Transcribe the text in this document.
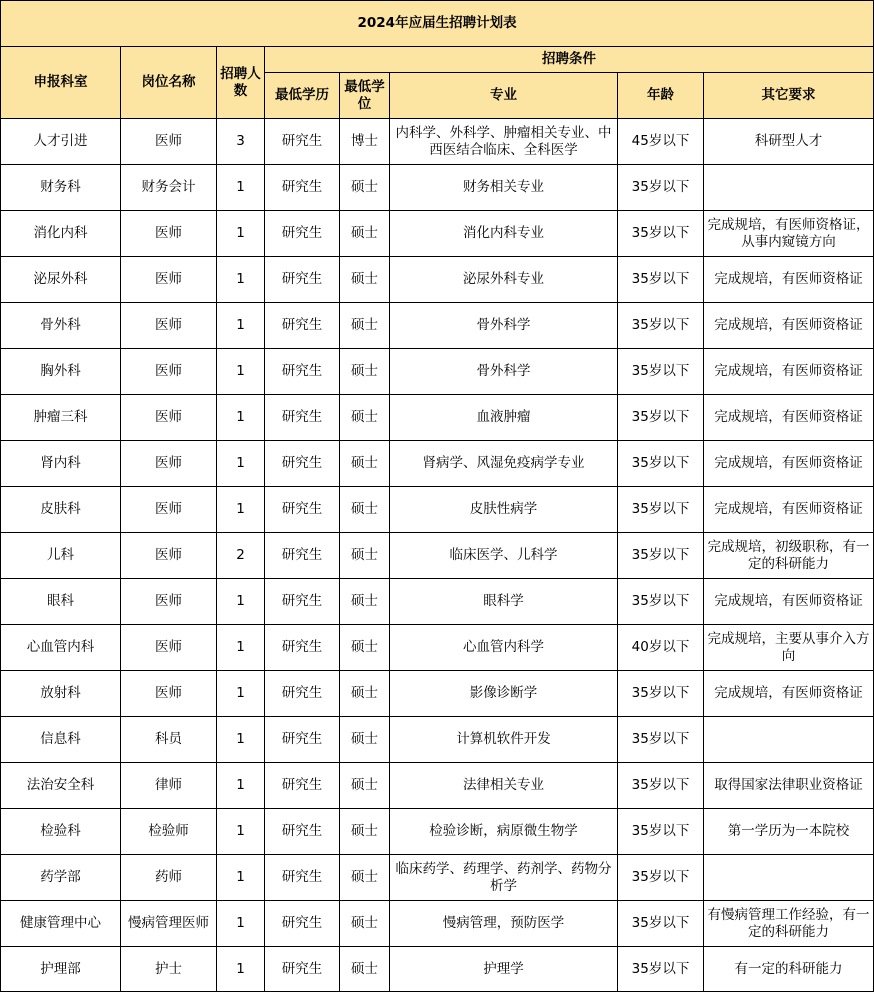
2024年应届生招聘计划表							
申报科室	岗位名称	招聘人数	招聘条件				
			最低学历	最低学位	专业	年龄	其它要求
人才引进	医师	3	研究生	博士	内科学、外科学、肿瘤相关专业、中西医结合临床、全科医学	45岁以下	科研型人才
财务科	财务会计	1	研究生	硕士	财务相关专业	35岁以下	
消化内科	医师	1	研究生	硕士	消化内科专业	35岁以下	完成规培，有医师资格证，从事内窥镜方向
泌尿外科	医师	1	研究生	硕士	泌尿外科专业	35岁以下	完成规培，有医师资格证
骨外科	医师	1	研究生	硕士	骨外科学	35岁以下	完成规培，有医师资格证
胸外科	医师	1	研究生	硕士	骨外科学	35岁以下	完成规培，有医师资格证
肿瘤三科	医师	1	研究生	硕士	血液肿瘤	35岁以下	完成规培，有医师资格证
肾内科	医师	1	研究生	硕士	肾病学、风湿免疫病学专业	35岁以下	完成规培，有医师资格证
皮肤科	医师	1	研究生	硕士	皮肤性病学	35岁以下	完成规培，有医师资格证
儿科	医师	2	研究生	硕士	临床医学、儿科学	35岁以下	完成规培，初级职称，有一定的科研能力
眼科	医师	1	研究生	硕士	眼科学	35岁以下	完成规培，有医师资格证
心血管内科	医师	1	研究生	硕士	心血管内科学	40岁以下	完成规培，主要从事介入方向
放射科	医师	1	研究生	硕士	影像诊断学	35岁以下	完成规培，有医师资格证
信息科	科员	1	研究生	硕士	计算机软件开发	35岁以下	
法治安全科	律师	1	研究生	硕士	法律相关专业	35岁以下	取得国家法律职业资格证
检验科	检验师	1	研究生	硕士	检验诊断，病原微生物学	35岁以下	第一学历为一本院校
药学部	药师	1	研究生	硕士	临床药学、药理学、药剂学、药物分析学	35岁以下	
健康管理中心	慢病管理医师	1	研究生	硕士	慢病管理，预防医学	35岁以下	有慢病管理工作经验，有一定的科研能力
护理部	护士	1	研究生	硕士	护理学	35岁以下	有一定的科研能力
